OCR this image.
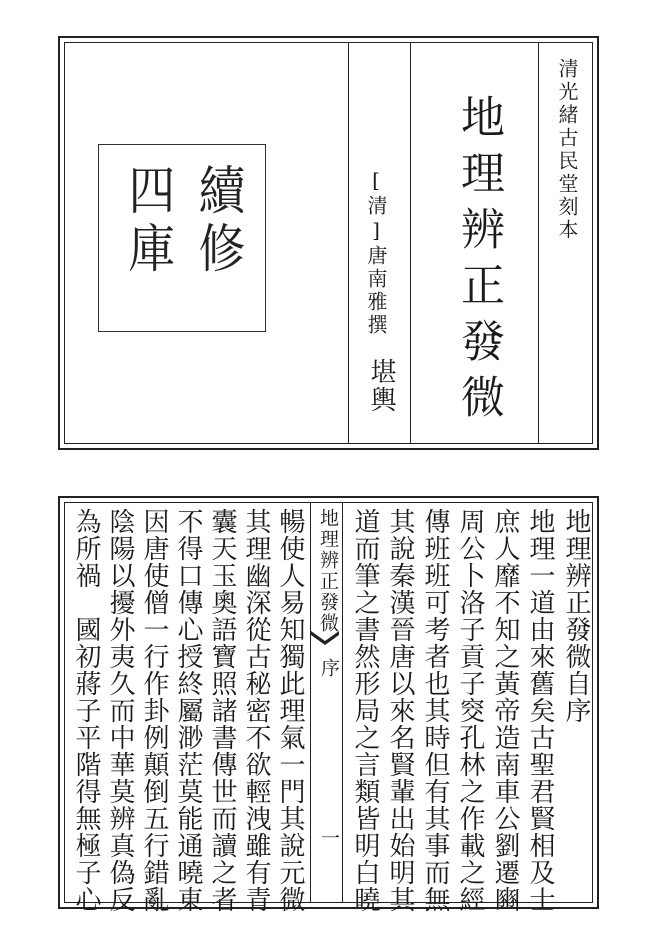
續修
四庫	[清]唐南雅撰
堪輿 地理辨正發微	清光緒古民堂刻本
地理辨正發微
序
一
地理辨正發微自序
地理一道由來舊矣古聖君賢相及士
庶人靡不知之黃帝造南車公劉遷豳
周公卜洛子貢子窔孔林之作載之經
傳班班可考者也其時但有其事而無
其說秦漢晉唐以來名賢輩出始明其
道而筆之書然形局之言類皆明白曉
暢使人易知獨此理氣一門其說元微
其理幽深從古秘密不欲輕洩雖有青
囊天玉奧語寶照諸書傳世而讀之者
不得口傳心授終屬渺茫莫能通曉東
因唐使僧一行作卦例顛倒五行錯亂
陰陽以擾外夷久而中華莫辨真偽反
為所禍　國初蔣子平階得無極子心
